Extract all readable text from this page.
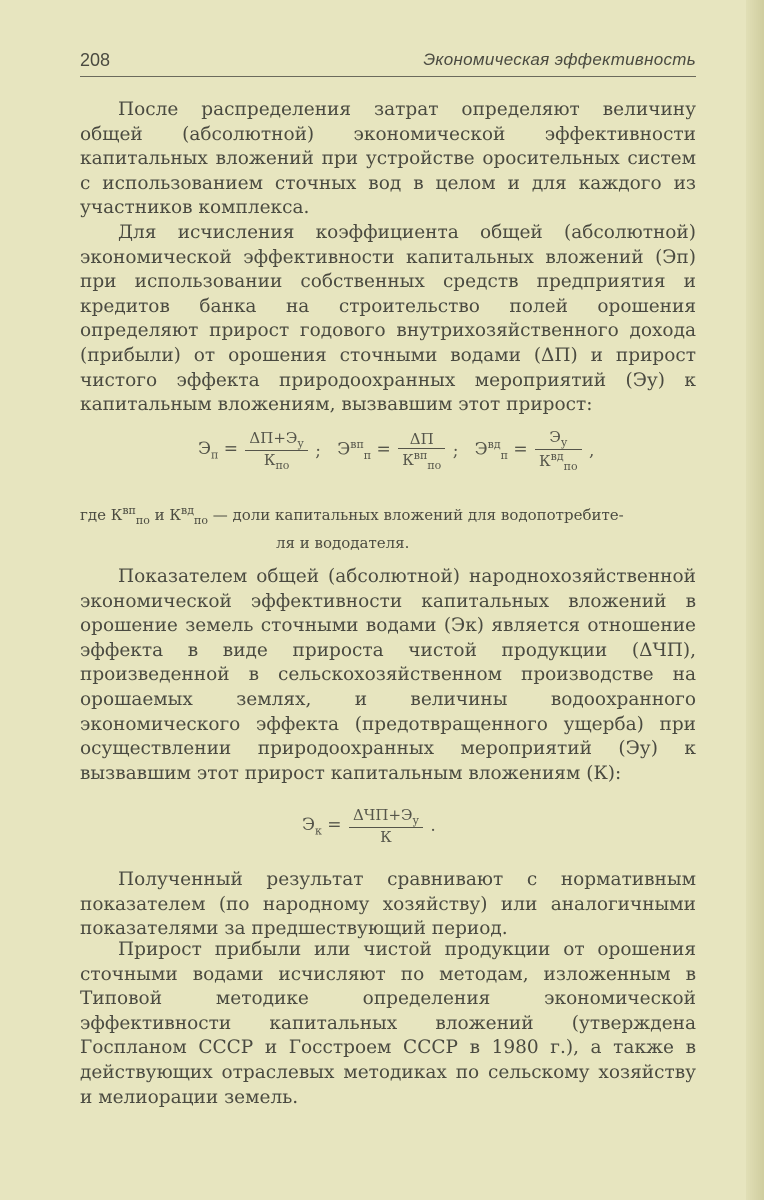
208	Экономическая эффективность

После распределения затрат определяют величину общей (абсолютной) экономической эффективности капитальных вложений при устройстве оросительных систем с использованием сточных вод в целом и для каждого из участников комплекса.

Для исчисления коэффициента общей (абсолютной) экономической эффективности капитальных вложений (Эп) при использовании собственных средств предприятия и кредитов банка на строительство полей орошения определяют прирост годового внутрихозяйственного дохода (прибыли) от орошения сточными водами (ΔП) и прирост чистого эффекта природоохранных мероприятий (Эу) к капитальным вложениям, вызвавшим этот прирост:

$Э_п = \frac{\Delta П+Э_у}{К_{по}}$ ;   $Э^{вп}_п = \frac{\Delta П}{К^{вп}_{по}}$ ;   $Э^{вд}_п = \frac{Э_у}{К^{вд}_{по}}$ ,
где $К^{вп}_{по}$ и $К^{вд}_{по}$ — доли капитальных вложений для водопотребите-
ля и вододателя.

Показателем общей (абсолютной) народнохозяйственной экономической эффективности капитальных вложений в орошение земель сточными водами (Эк) является отношение эффекта в виде прироста чистой продукции (ΔЧП), произведенной в сельскохозяйственном производстве на орошаемых землях, и величины водоохранного экономического эффекта (предотвращенного ущерба) при осуществлении природоохранных мероприятий (Эу) к вызвавшим этот прирост капитальным вложениям (К):

$Э_к = \frac{\Delta ЧП+Э_у}{К}$ .

Полученный результат сравнивают с нормативным показателем (по народному хозяйству) или аналогичными показателями за предшествующий период.

Прирост прибыли или чистой продукции от орошения сточными водами исчисляют по методам, изложенным в Типовой методике определения экономической эффективности капитальных вложений (утверждена Госпланом СССР и Госстроем СССР в 1980 г.), а также в действующих отраслевых методиках по сельскому хозяйству и мелиорации земель.
